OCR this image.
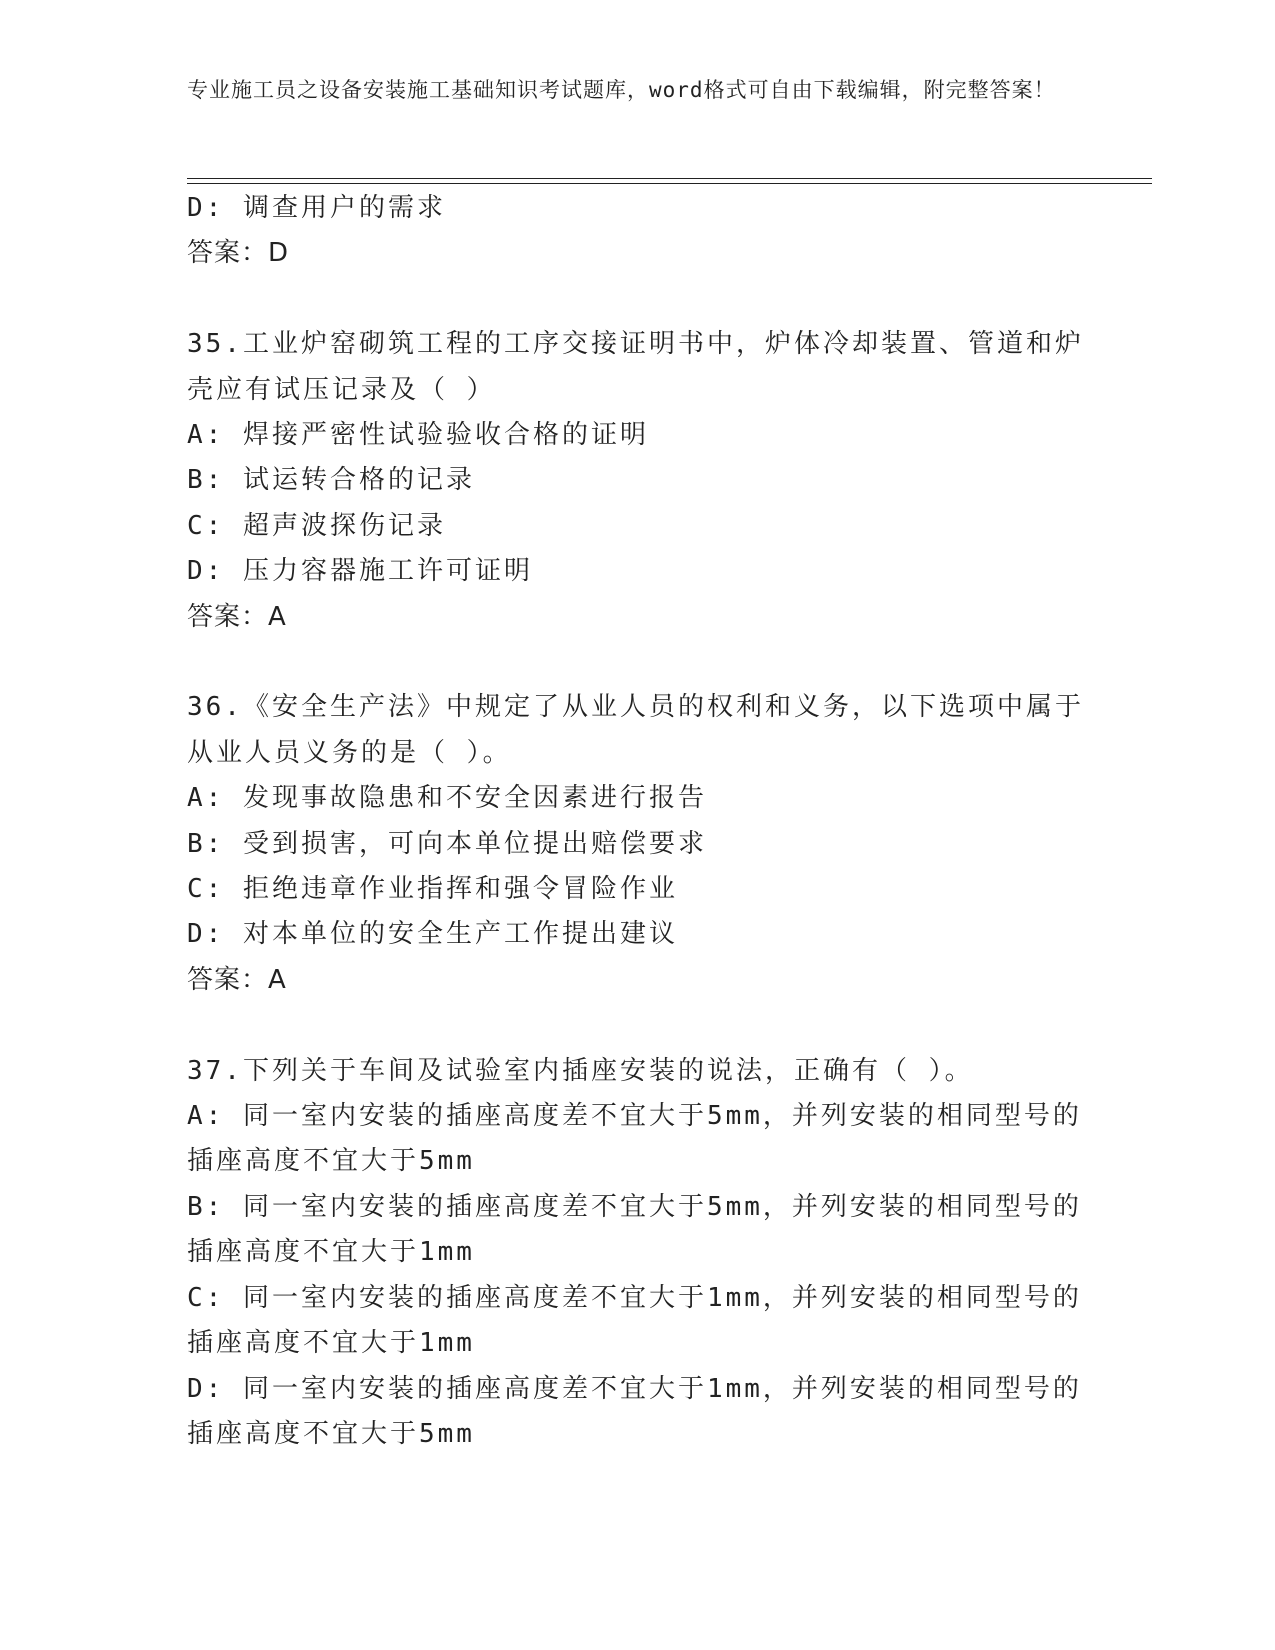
专业施工员之设备安装施工基础知识考试题库，word格式可自由下载编辑，附完整答案！

D: 调查用户的需求

答案：D

35.工业炉窑砌筑工程的工序交接证明书中，炉体冷却装置、管道和炉

壳应有试压记录及（ ）

A: 焊接严密性试验验收合格的证明

B: 试运转合格的记录

C: 超声波探伤记录

D: 压力容器施工许可证明

答案：A

36.《安全生产法》中规定了从业人员的权利和义务，以下选项中属于

从业人员义务的是（ ）。

A: 发现事故隐患和不安全因素进行报告

B: 受到损害，可向本单位提出赔偿要求

C: 拒绝违章作业指挥和强令冒险作业

D: 对本单位的安全生产工作提出建议

答案：A

37.下列关于车间及试验室内插座安装的说法，正确有（ ）。

A: 同一室内安装的插座高度差不宜大于5mm，并列安装的相同型号的

插座高度不宜大于5mm

B: 同一室内安装的插座高度差不宜大于5mm，并列安装的相同型号的

插座高度不宜大于1mm

C: 同一室内安装的插座高度差不宜大于1mm，并列安装的相同型号的

插座高度不宜大于1mm

D: 同一室内安装的插座高度差不宜大于1mm，并列安装的相同型号的

插座高度不宜大于5mm
